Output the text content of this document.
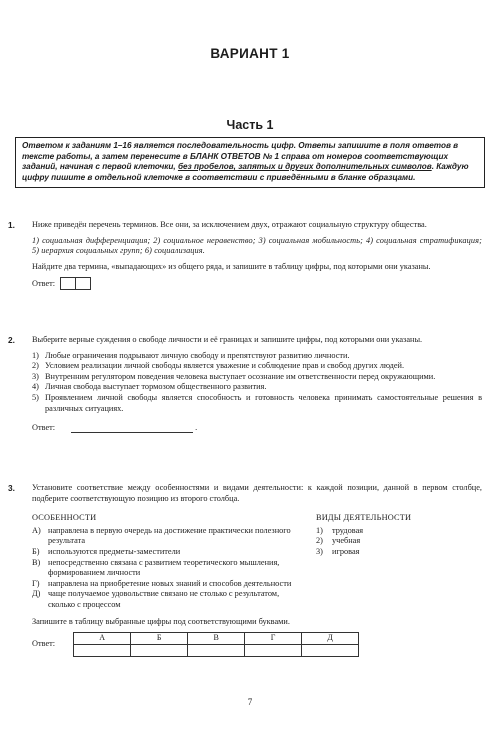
ВАРИАНТ 1
Часть 1
Ответом к заданиям 1–16 является последовательность цифр. Ответы запишите в поля ответов в тексте работы, а затем перенесите в БЛАНК ОТВЕТОВ № 1 справа от номеров соответствующих заданий, начиная с первой клеточки, без пробелов, запятых и других дополнительных символов. Каждую цифру пишите в отдельной клеточке в соответствии с приведёнными в бланке образцами.
1. Ниже приведён перечень терминов. Все они, за исключением двух, отражают социальную структуру общества.

1) социальная дифференциация; 2) социальное неравенство; 3) социальная мобильность; 4) социальная стратификация; 5) иерархия социальных групп; 6) социализация.

Найдите два термина, «выпадающих» из общего ряда, и запишите в таблицу цифры, под которыми они указаны.

Ответ:
2. Выберите верные суждения о свободе личности и её границах и запишите цифры, под которыми они указаны.

1) Любые ограничения подрывают личную свободу и препятствуют развитию личности.
2) Условием реализации личной свободы является уважение и соблюдение прав и свобод других людей.
3) Внутренним регулятором поведения человека выступает осознание им ответственности перед окружающими.
4) Личная свобода выступает тормозом общественного развития.
5) Проявлением личной свободы является способность и готовность человека принимать самостоятельные решения в различных ситуациях.
Ответ:	.
3. Установите соответствие между особенностями и видами деятельности: к каждой позиции, данной в первом столбце, подберите соответствующую позицию из второго столбца.

ОСОБЕННОСТИ
А) направлена в первую очередь на достижение практически полезного результата
Б) используются предметы-заместители
В) непосредственно связана с развитием теоретического мышления, формированием личности
Г) направлена на приобретение новых знаний и способов деятельности
Д) чаще получаемое удовольствие связано не столько с результатом, сколько с процессом
ВИДЫ ДЕЯТЕЛЬНОСТИ
1) трудовая
2) учебная
3) игровая

Запишите в таблицу выбранные цифры под соответствующими буквами.

Ответ:
А	Б	В	Г	Д

7
